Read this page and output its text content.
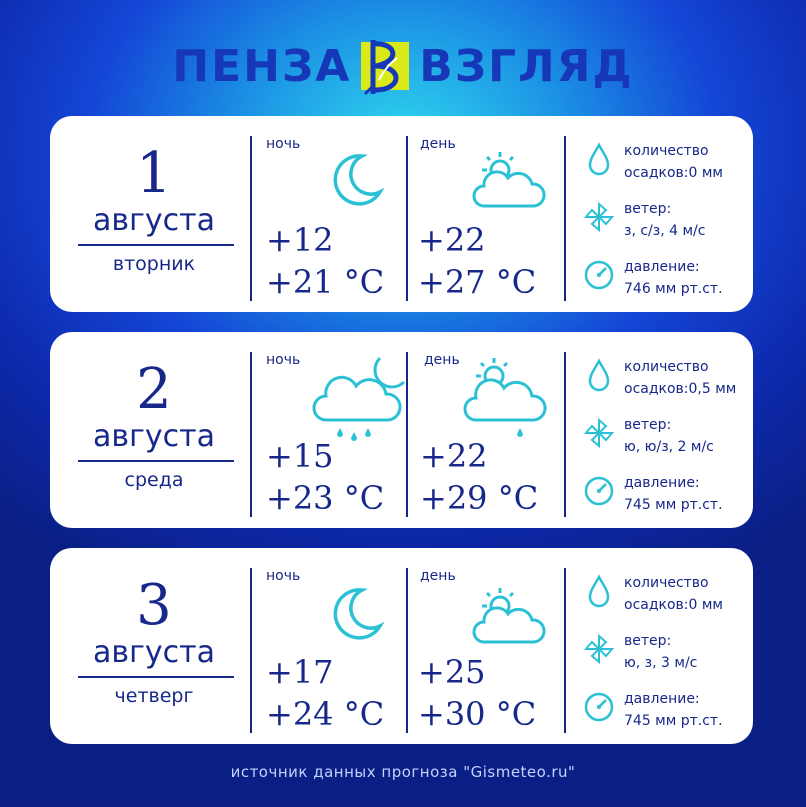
ПЕНЗА ВЗГЛЯД
1
августа
вторник
ночь
+12
+21 °C
день
+22
+27 °C
количество
осадков:0 мм
ветер:
з, с/з, 4 м/с
давление:
746 мм рт.ст.
2
августа
среда
ночь
+15
+23 °C
день
+22
+29 °C
количество
осадков:0,5 мм
ветер:
ю, ю/з, 2 м/с
давление:
745 мм рт.ст.
3
августа
четверг
ночь
+17
+24 °C
день
+25
+30 °C
количество
осадков:0 мм
ветер:
ю, з, 3 м/с
давление:
745 мм рт.ст.
источник данных прогноза "Gismeteo.ru"
